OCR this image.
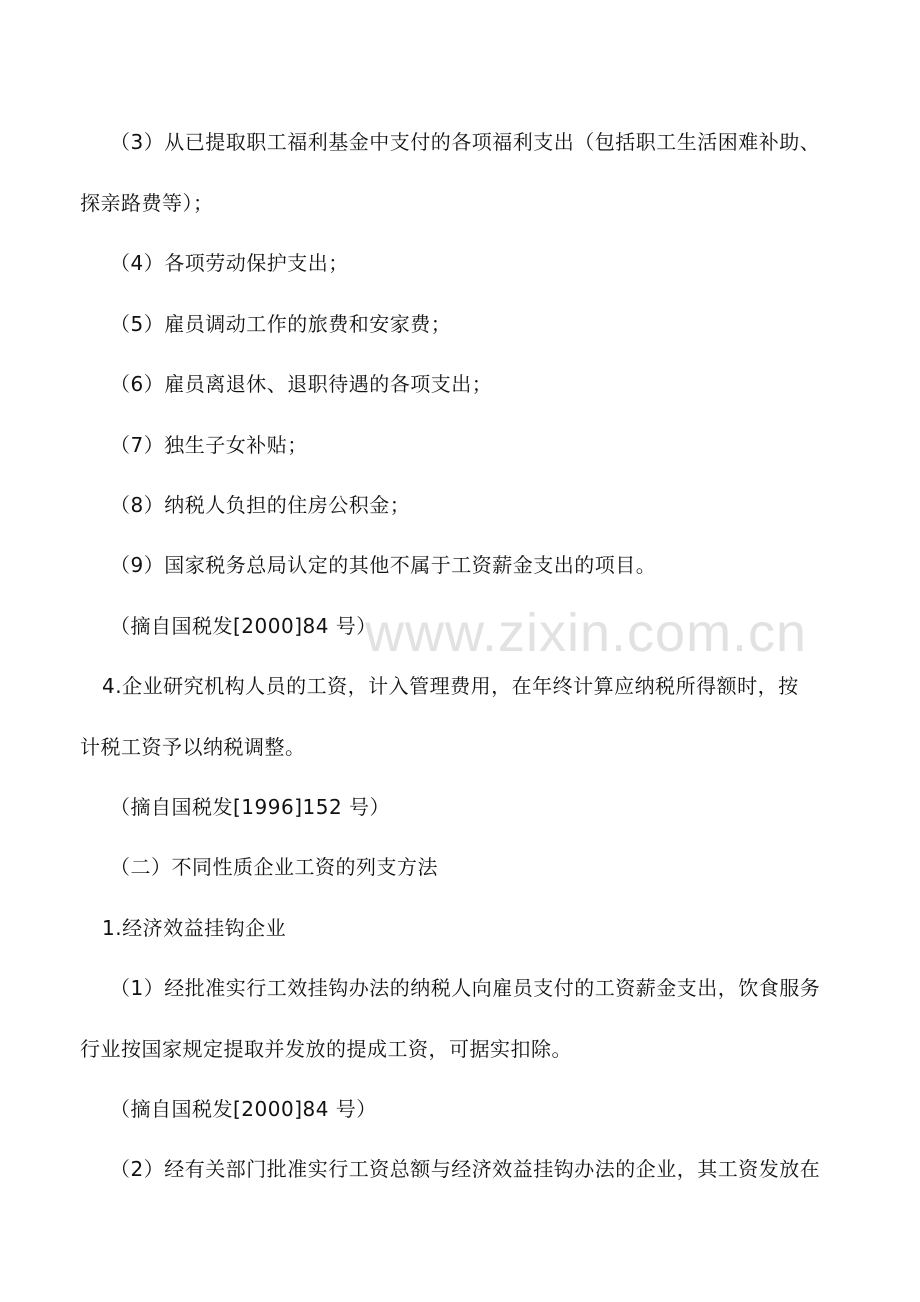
www.zixin.com.cn
（3）从已提取职工福利基金中支付的各项福利支出（包括职工生活困难补助、
探亲路费等）；
（4）各项劳动保护支出；
（5）雇员调动工作的旅费和安家费；
（6）雇员离退休、退职待遇的各项支出；
（7）独生子女补贴；
（8）纳税人负担的住房公积金；
（9）国家税务总局认定的其他不属于工资薪金支出的项目。
（摘自国税发[2000]84 号）
4.企业研究机构人员的工资，计入管理费用，在年终计算应纳税所得额时，按
计税工资予以纳税调整。
（摘自国税发[1996]152 号）
（二）不同性质企业工资的列支方法
1.经济效益挂钩企业
（1）经批准实行工效挂钩办法的纳税人向雇员支付的工资薪金支出，饮食服务
行业按国家规定提取并发放的提成工资，可据实扣除。
（摘自国税发[2000]84 号）
（2）经有关部门批准实行工资总额与经济效益挂钩办法的企业，其工资发放在
